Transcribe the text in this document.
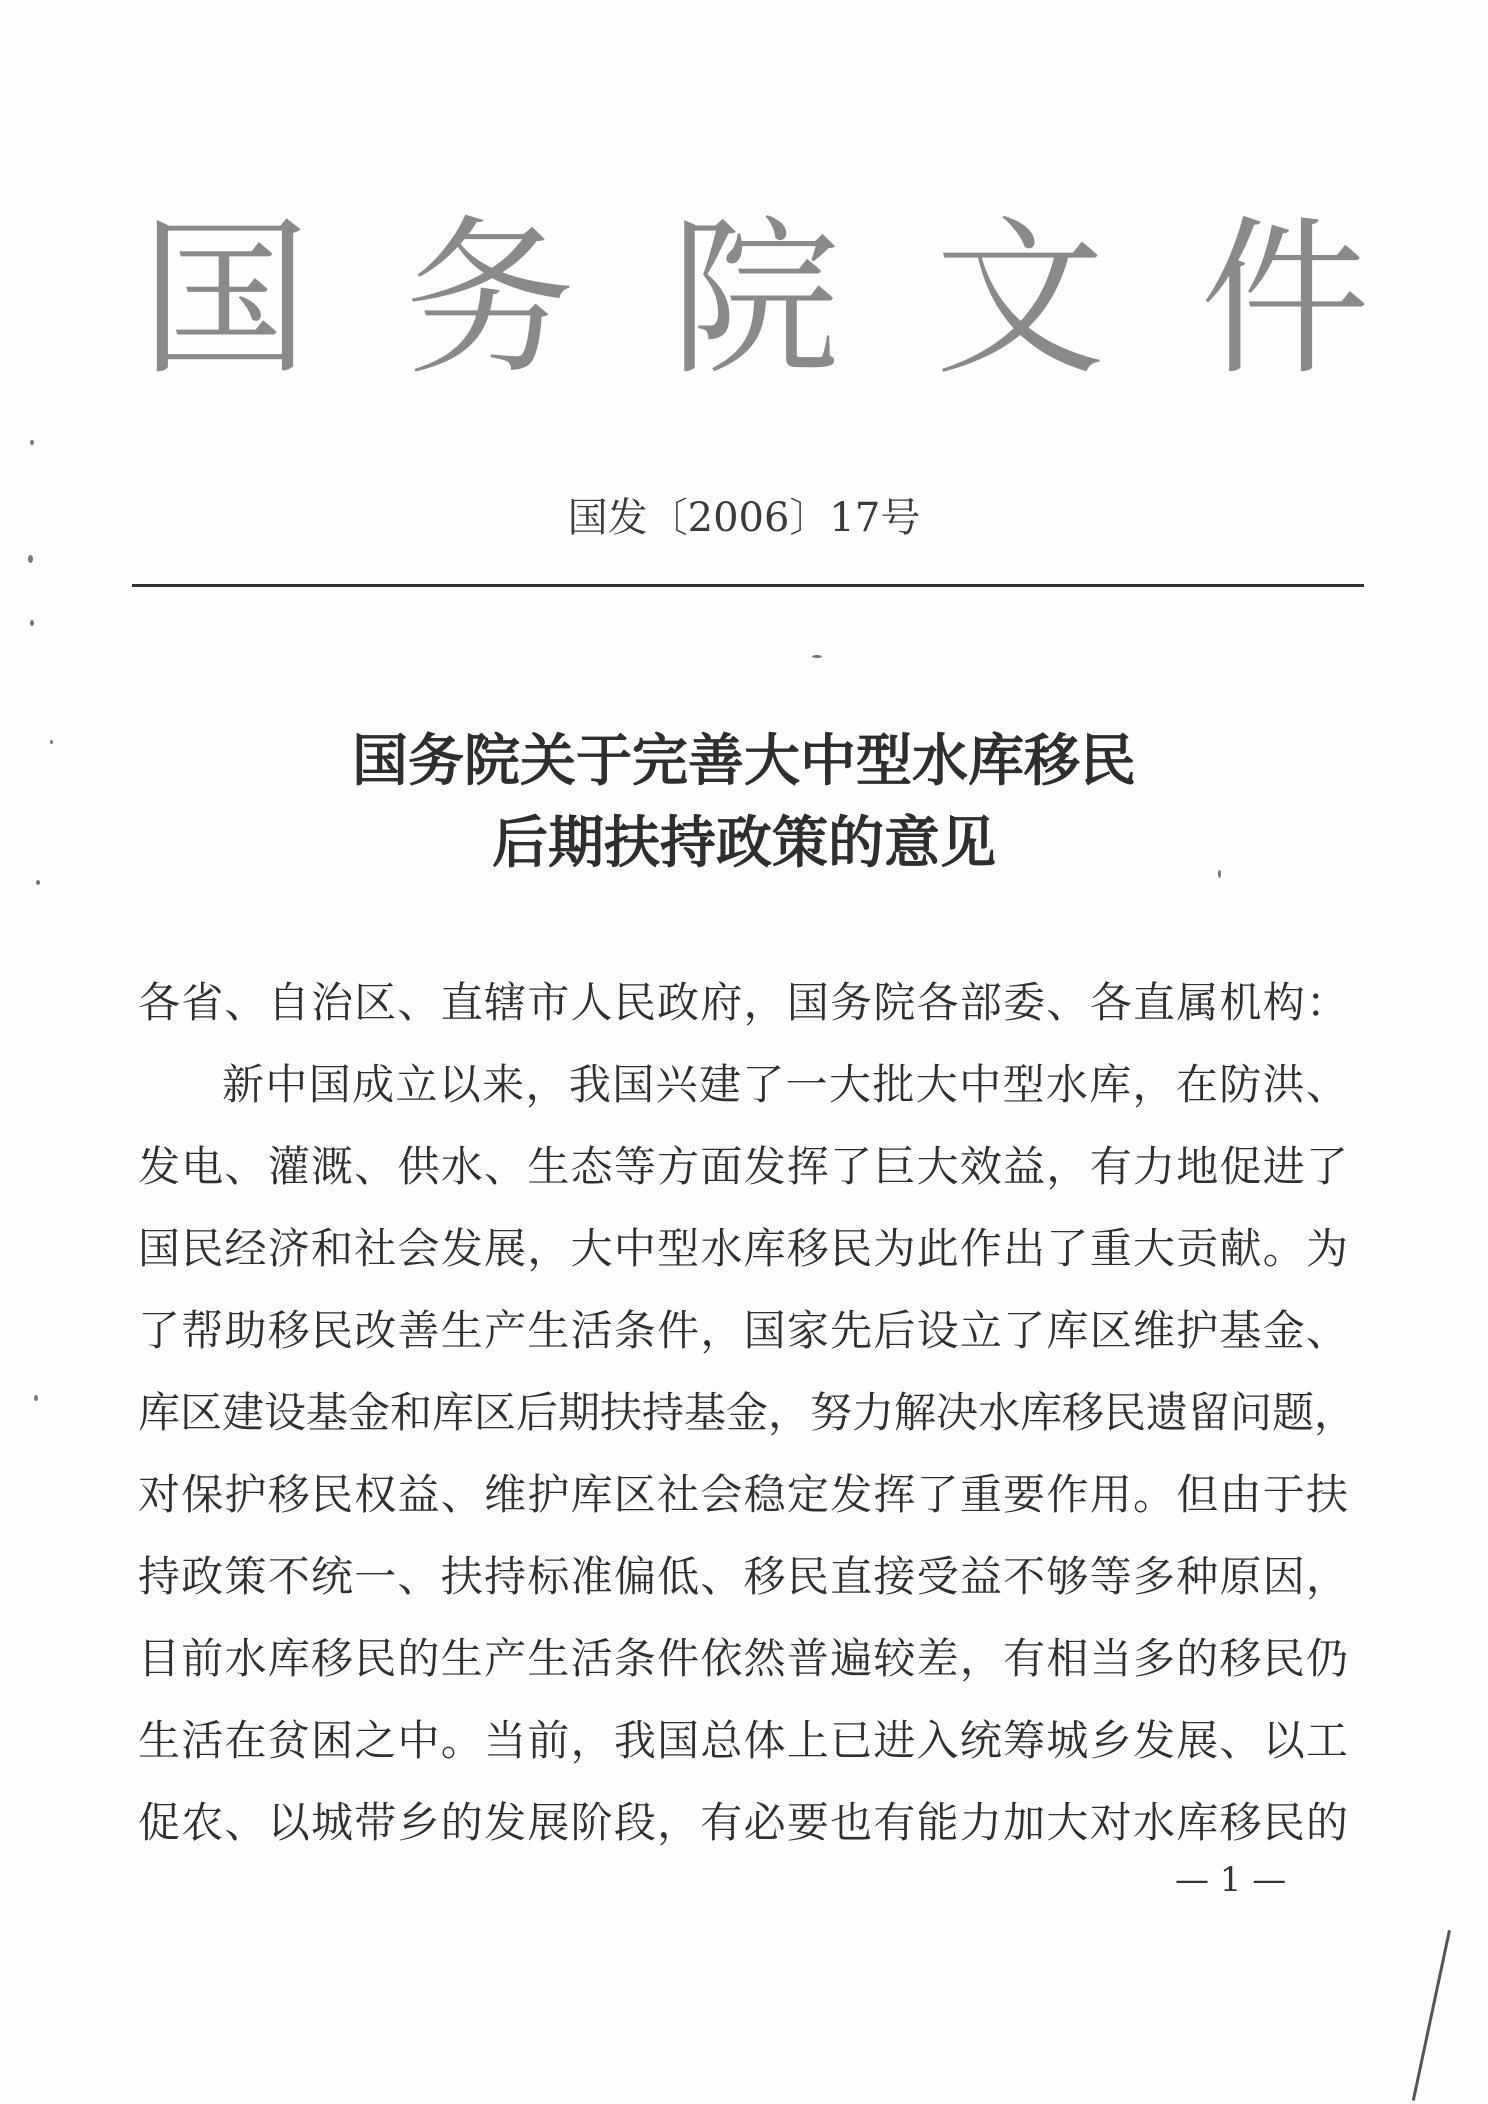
国 务 院 文 件
国发〔2006〕17号
国务院关于完善大中型水库移民
后期扶持政策的意见
各省、自治区、直辖市人民政府，国务院各部委、各直属机构：
新中国成立以来，我国兴建了一大批大中型水库，在防洪、
发电、灌溉、供水、生态等方面发挥了巨大效益，有力地促进了
国民经济和社会发展，大中型水库移民为此作出了重大贡献。为
了帮助移民改善生产生活条件，国家先后设立了库区维护基金、
库区建设基金和库区后期扶持基金，努力解决水库移民遗留问题，
对保护移民权益、维护库区社会稳定发挥了重要作用。但由于扶
持政策不统一、扶持标准偏低、移民直接受益不够等多种原因，
目前水库移民的生产生活条件依然普遍较差，有相当多的移民仍
生活在贫困之中。当前，我国总体上已进入统筹城乡发展、以工
促农、以城带乡的发展阶段，有必要也有能力加大对水库移民的
— 1 —
